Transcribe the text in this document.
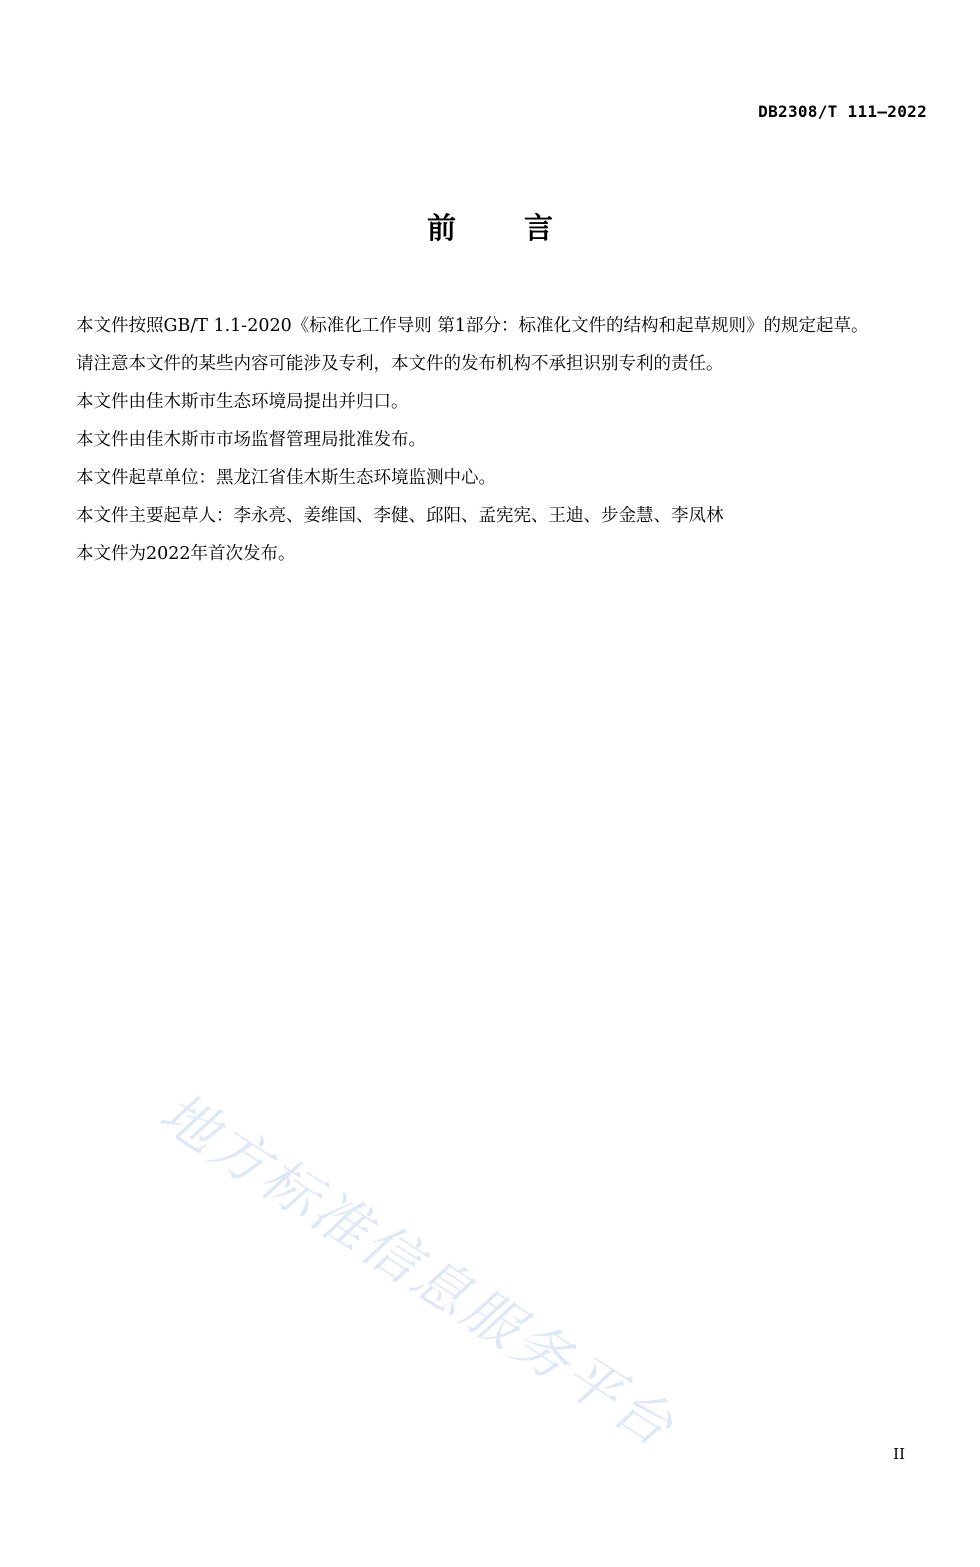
DB2308/T 111—2022
前言

本文件按照GB/T 1.1-2020《标准化工作导则 第1部分：标准化文件的结构和起草规则》的规定起草。

请注意本文件的某些内容可能涉及专利，本文件的发布机构不承担识别专利的责任。

本文件由佳木斯市生态环境局提出并归口。

本文件由佳木斯市市场监督管理局批准发布。

本文件起草单位：黑龙江省佳木斯生态环境监测中心。

本文件主要起草人：李永亮、姜维国、李健、邱阳、孟宪宪、王迪、步金慧、李凤林

本文件为2022年首次发布。

地方标准信息服务平台	II
